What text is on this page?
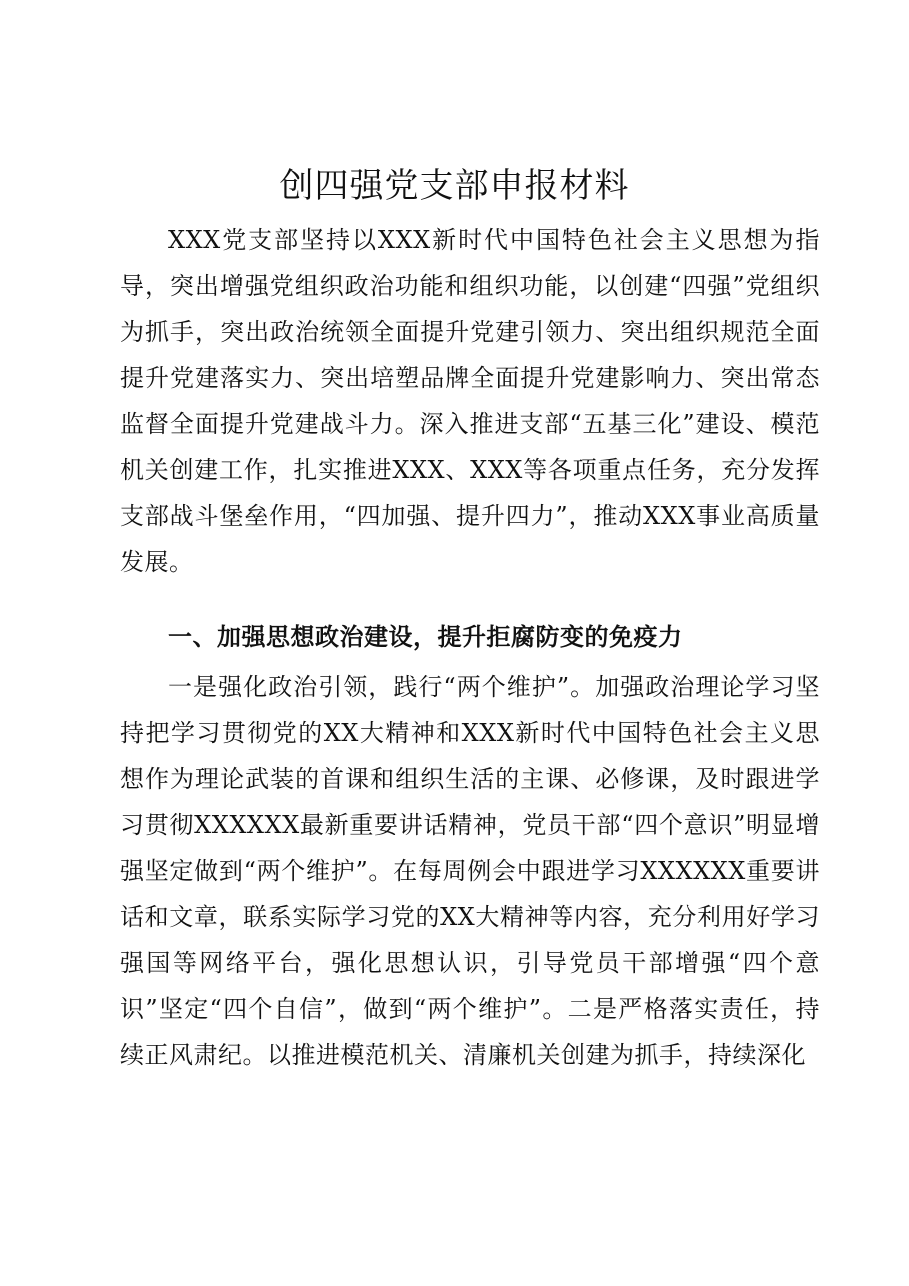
创四强党支部申报材料

XXX党支部坚持以XXX新时代中国特色社会主义思想为指导，突出增强党组织政治功能和组织功能，以创建“四强”党组织为抓手，突出政治统领全面提升党建引领力、突出组织规范全面提升党建落实力、突出培塑品牌全面提升党建影响力、突出常态监督全面提升党建战斗力。深入推进支部“五基三化”建设、模范机关创建工作，扎实推进XXX、XXX等各项重点任务，充分发挥支部战斗堡垒作用，“四加强、提升四力”，推动XXX事业高质量发展。

一、加强思想政治建设，提升拒腐防变的免疫力

一是强化政治引领，践行“两个维护”。加强政治理论学习坚持把学习贯彻党的XX大精神和XXX新时代中国特色社会主义思想作为理论武装的首课和组织生活的主课、必修课，及时跟进学习贯彻XXXXXX最新重要讲话精神，党员干部“四个意识”明显增强坚定做到“两个维护”。在每周例会中跟进学习XXXXXX重要讲话和文章，联系实际学习党的XX大精神等内容，充分利用好学习强国等网络平台，强化思想认识，引导党员干部增强“四个意识”坚定“四个自信”，做到“两个维护”。二是严格落实责任，持续正风肃纪。以推进模范机关、清廉机关创建为抓手，持续深化
